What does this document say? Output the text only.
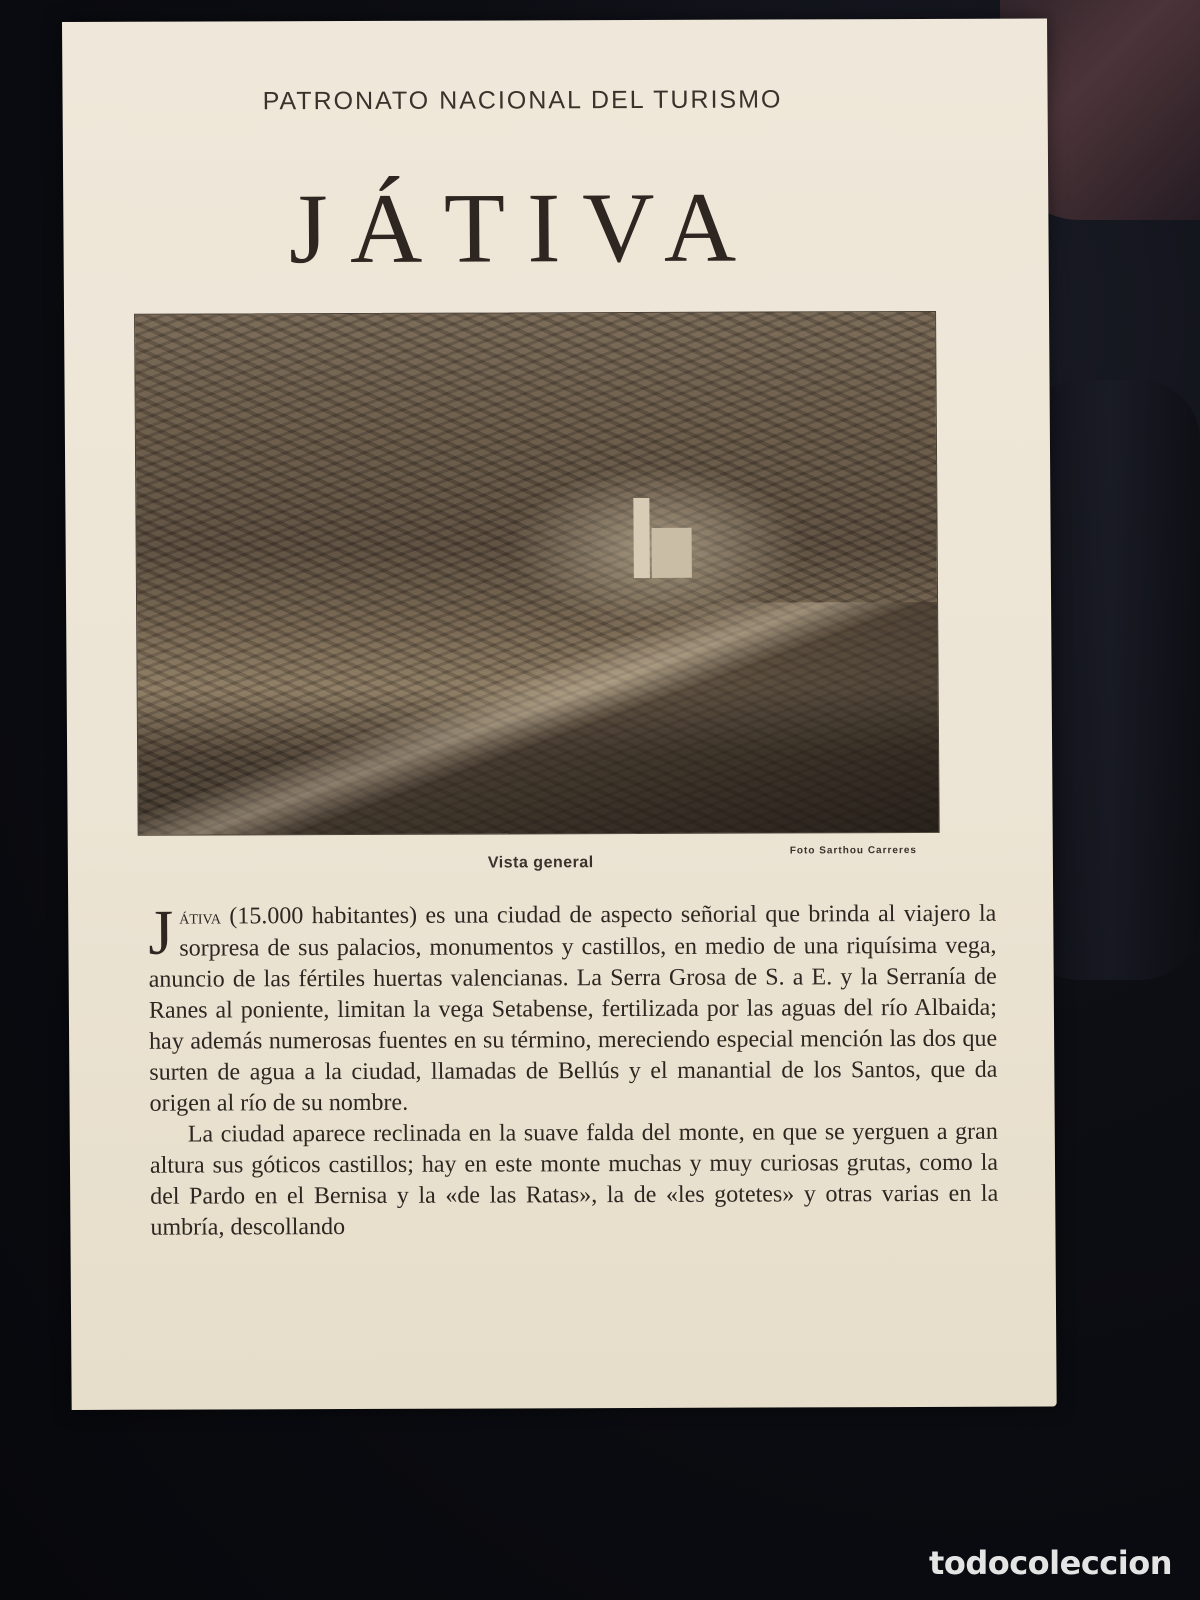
PATRONATO NACIONAL DEL TURISMO
JÁTIVA
Vista general
Foto Sarthou Carreres

Játiva (15.000 habitantes) es una ciudad de aspecto señorial que brinda al viajero la sorpresa de sus palacios, monumentos y castillos, en medio de una riquísima vega, anuncio de las fértiles huertas valencianas. La Serra Grosa de S. a E. y la Serranía de Ranes al poniente, limitan la vega Setabense, fertilizada por las aguas del río Albaida; hay además numerosas fuentes en su término, mereciendo especial mención las dos que surten de agua a la ciudad, llamadas de Bellús y el manantial de los Santos, que da origen al río de su nombre.

La ciudad aparece reclinada en la suave falda del monte, en que se yerguen a gran altura sus góticos castillos; hay en este monte muchas y muy curiosas grutas, como la del Pardo en el Bernisa y la «de las Ratas», la de «les gotetes» y otras varias en la umbría, descollando

todocoleccion
